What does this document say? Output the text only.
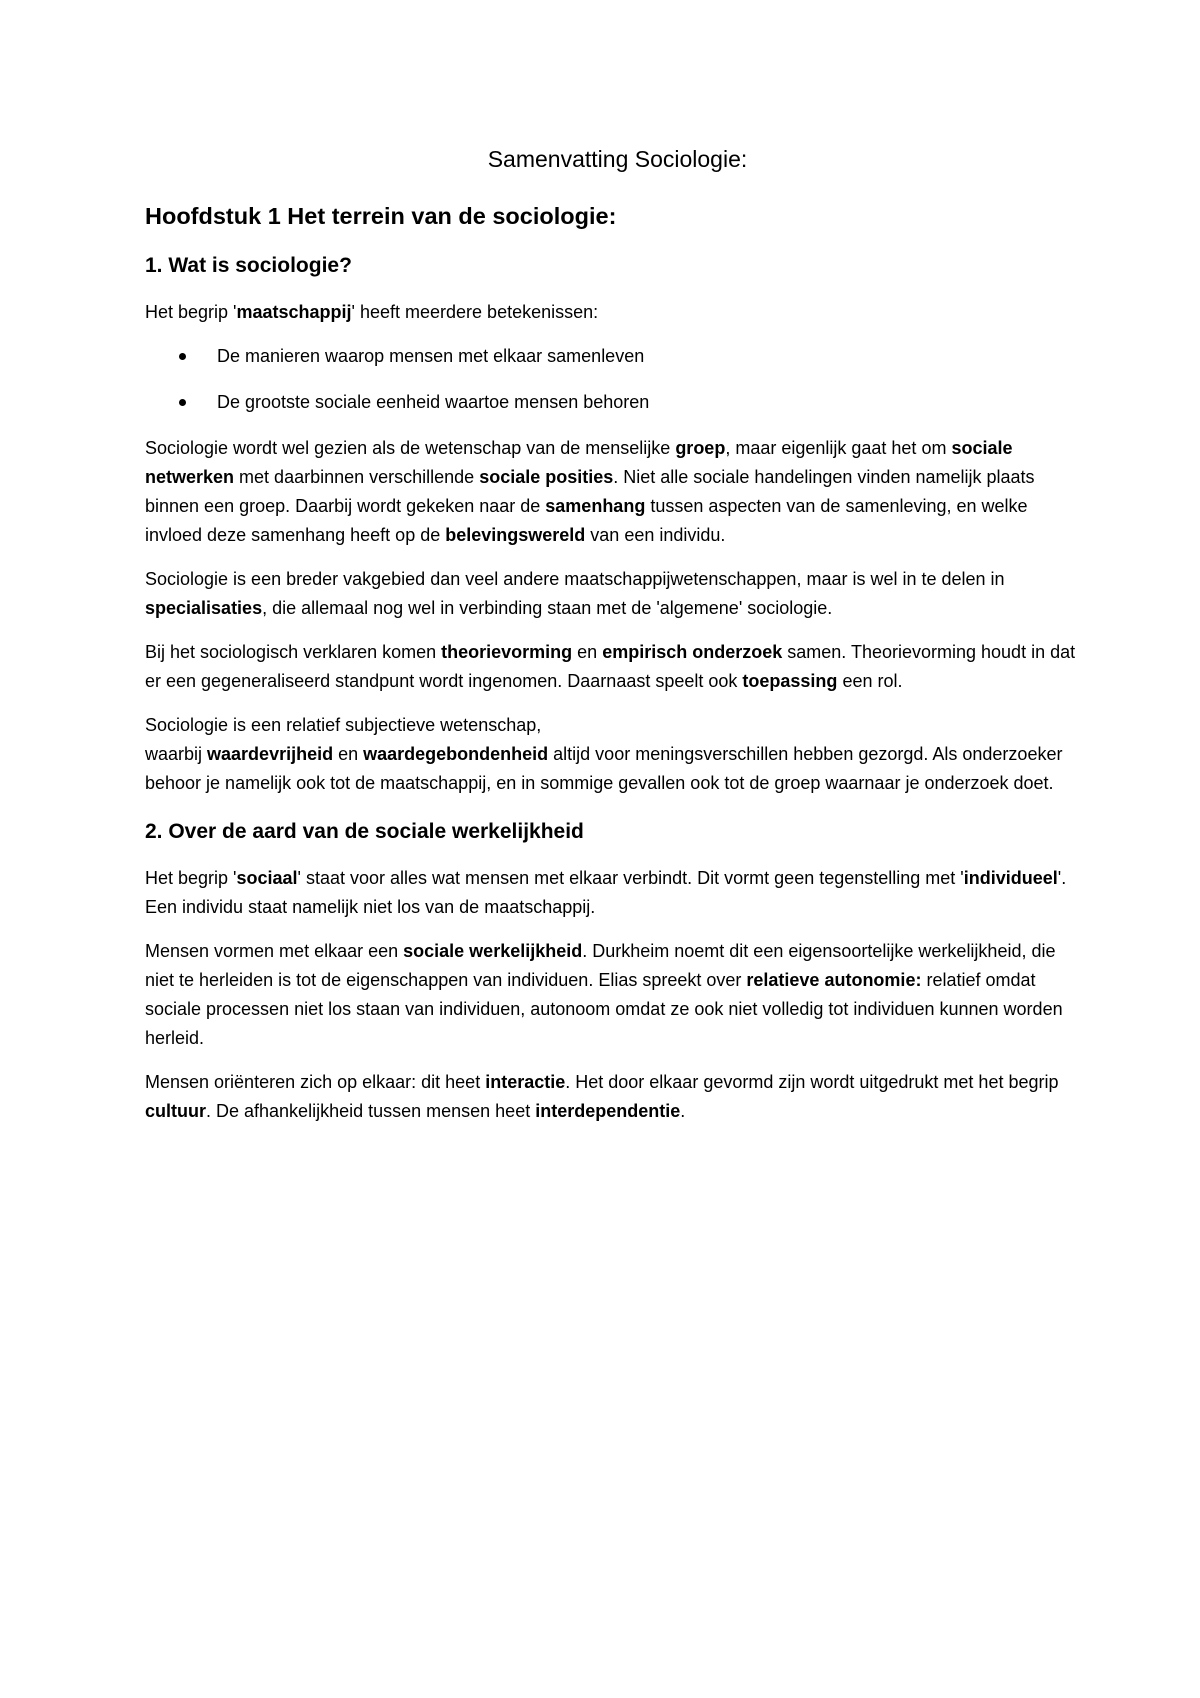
Samenvatting Sociologie:
Hoofdstuk 1 Het terrein van de sociologie:
1. Wat is sociologie?

Het begrip 'maatschappij' heeft meerdere betekenissen:

De manieren waarop mensen met elkaar samenleven
De grootste sociale eenheid waartoe mensen behoren

Sociologie wordt wel gezien als de wetenschap van de menselijke groep, maar eigenlijk gaat het om sociale netwerken met daarbinnen verschillende sociale posities. Niet alle sociale handelingen vinden namelijk plaats binnen een groep. Daarbij wordt gekeken naar de samenhang tussen aspecten van de samenleving, en welke invloed deze samenhang heeft op de belevingswereld van een individu.

Sociologie is een breder vakgebied dan veel andere maatschappijwetenschappen, maar is wel in te delen in specialisaties, die allemaal nog wel in verbinding staan met de 'algemene' sociologie.

Bij het sociologisch verklaren komen theorievorming en empirisch onderzoek samen. Theorievorming houdt in dat er een gegeneraliseerd standpunt wordt ingenomen. Daarnaast speelt ook toepassing een rol.

Sociologie is een relatief subjectieve wetenschap,
waarbij waardevrijheid en waardegebondenheid altijd voor meningsverschillen hebben gezorgd. Als onderzoeker behoor je namelijk ook tot de maatschappij, en in sommige gevallen ook tot de groep waarnaar je onderzoek doet.

2. Over de aard van de sociale werkelijkheid

Het begrip 'sociaal' staat voor alles wat mensen met elkaar verbindt. Dit vormt geen tegenstelling met 'individueel'. Een individu staat namelijk niet los van de maatschappij.

Mensen vormen met elkaar een sociale werkelijkheid. Durkheim noemt dit een eigensoortelijke werkelijkheid, die niet te herleiden is tot de eigenschappen van individuen. Elias spreekt over relatieve autonomie: relatief omdat sociale processen niet los staan van individuen, autonoom omdat ze ook niet volledig tot individuen kunnen worden herleid.

Mensen oriënteren zich op elkaar: dit heet interactie. Het door elkaar gevormd zijn wordt uitgedrukt met het begrip cultuur. De afhankelijkheid tussen mensen heet interdependentie.
